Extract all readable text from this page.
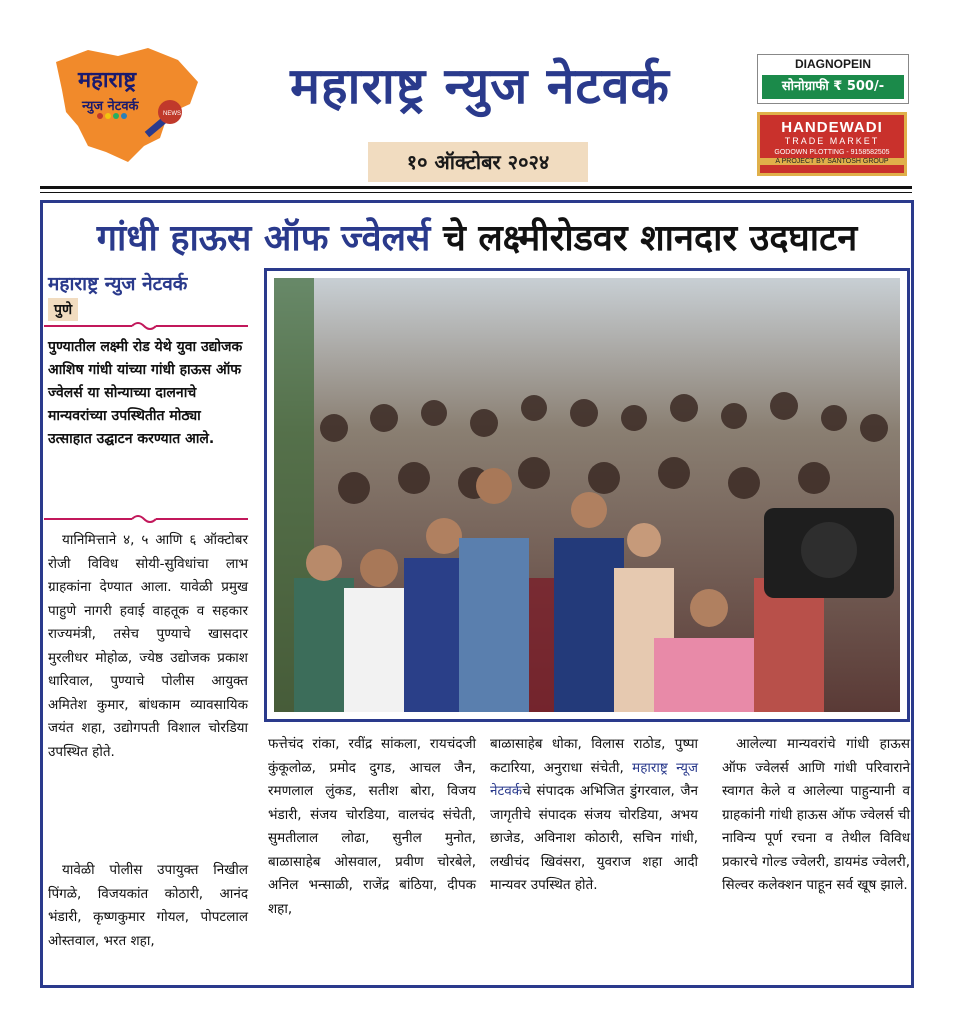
NEWS
महाराष्ट्र
न्युज नेटवर्क	महाराष्ट्र न्युज नेटवर्क
१० ऑक्टोबर २०२४
DIAGNOPEIN
सोनोग्राफी ₹ 500/-
HANDEWADI
TRADE MARKET
GODOWN PLOTTING - 9158582505
A PROJECT BY SANTOSH GROUP
गांधी हाऊस ऑफ ज्वेलर्स चे लक्ष्मीरोडवर शानदार उदघाटन
महाराष्ट्र न्युज नेटवर्क
पुणे
पुण्यातील लक्ष्मी रोड येथे युवा उद्योजक आशिष गांधी यांच्या गांधी हाऊस ऑफ ज्वेलर्स या सोन्याच्या दालनाचे मान्यवरांच्या उपस्थितीत मोठ्या उत्साहात उद्घाटन करण्यात आले.
यानिमित्ताने ४, ५ आणि ६ ऑक्टोबर रोजी विविध सोयी-सुविधांचा लाभ ग्राहकांना देण्यात आला. यावेळी प्रमुख पाहुणे नागरी हवाई वाहतूक व सहकार राज्यमंत्री, तसेच पुण्याचे खासदार मुरलीधर मोहोळ, ज्येष्ठ उद्योजक प्रकाश धारिवाल, पुण्याचे पोलीस आयुक्त अमितेश कुमार, बांधकाम व्यावसायिक जयंत शहा, उद्योगपती विशाल चोरडिया उपस्थित होते.
यावेळी पोलीस उपायुक्त निखील पिंगळे, विजयकांत कोठारी, आनंद भंडारी, कृष्णकुमार गोयल, पोपटलाल ओस्तवाल, भरत शहा,
फत्तेचंद रांका, रवींद्र सांकला, रायचंदजी कुंकूलोळ, प्रमोद दुगड, आचल जैन, रमणलाल लुंकड, सतीश बोरा, विजय भंडारी, संजय चोरडिया, वालचंद संचेती, सुमतीलाल लोढा, सुनील मुनोत, बाळासाहेब ओसवाल, प्रवीण चोरबेले, अनिल भन्साळी, राजेंद्र बांठिया, दीपक शहा,
बाळासाहेब धोका, विलास राठोड, पुष्पा कटारिया, अनुराधा संचेती, महाराष्ट्र न्यूज नेटवर्कचे संपादक अभिजित डुंगरवाल, जैन जागृतीचे संपादक संजय चोरडिया, अभय छाजेड, अविनाश कोठारी, सचिन गांधी, लखीचंद खिवंसरा, युवराज शहा आदी मान्यवर उपस्थित होते.
आलेल्या मान्यवरांचे गांधी हाऊस ऑफ ज्वेलर्स आणि गांधी परिवाराने स्वागत केले व आलेल्या पाहुन्यानी व ग्राहकांनी गांधी हाऊस ऑफ ज्वेलर्स ची नाविन्य पूर्ण रचना व तेथील विविध प्रकारचे गोल्ड ज्वेलरी, डायमंड ज्वेलरी, सिल्वर कलेक्शन पाहून सर्व खूष झाले.
